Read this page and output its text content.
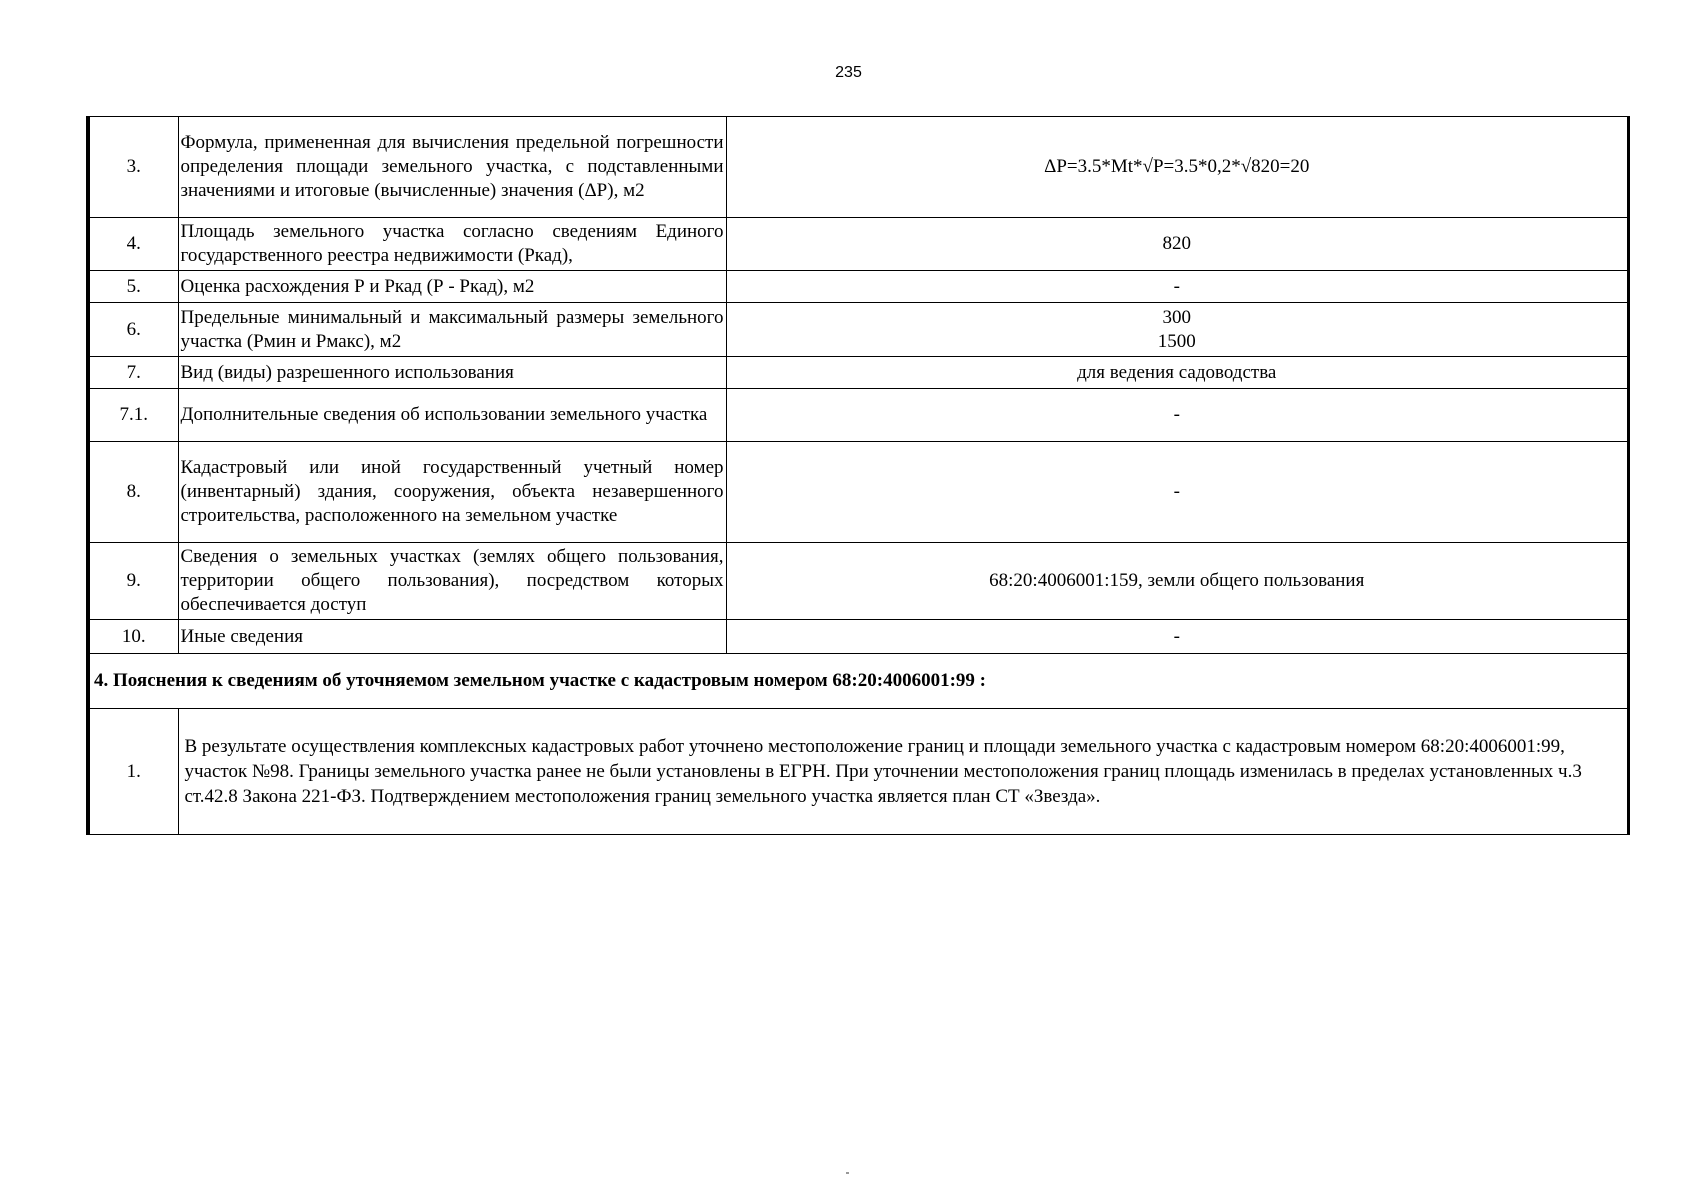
235
3.	Формула, примененная для вычисления предельной погрешности определения площади земельного участка, с подставленными значениями и итоговые (вычисленные) значения (ΔР), м2	ΔР=3.5*Mt*√Р=3.5*0,2*√820=20
4.	Площадь земельного участка согласно сведениям Единого государственного реестра недвижимости (Ркад),	820
5.	Оценка расхождения Р и Ркад (Р - Ркад), м2	-
6.	Предельные минимальный и максимальный размеры земельного участка (Рмин и Рмакс), м2	300
1500

7.	Вид (виды) разрешенного использования	для ведения садоводства
7.1.	Дополнительные сведения об использовании земельного участка	-
8.	Кадастровый или иной государственный учетный номер (инвентарный) здания, сооружения, объекта незавершенного строительства, расположенного на земельном участке	-
9.	Сведения о земельных участках (землях общего пользования, территории общего пользования), посредством которых обеспечивается доступ	68:20:4006001:159, земли общего пользования
10.	Иные сведения	-
4. Пояснения к сведениям об уточняемом земельном участке с кадастровым номером 68:20:4006001:99 :		
1.	В результате осуществления комплексных кадастровых работ уточнено местоположение границ и площади земельного участка с кадастровым номером 68:20:4006001:99, участок №98. Границы земельного участка ранее не были установлены в ЕГРН. При уточнении местоположения границ площадь изменилась в пределах установленных ч.3 ст.42.8 Закона 221-ФЗ. Подтверждением местоположения границ земельного участка является план СТ «Звезда».	
